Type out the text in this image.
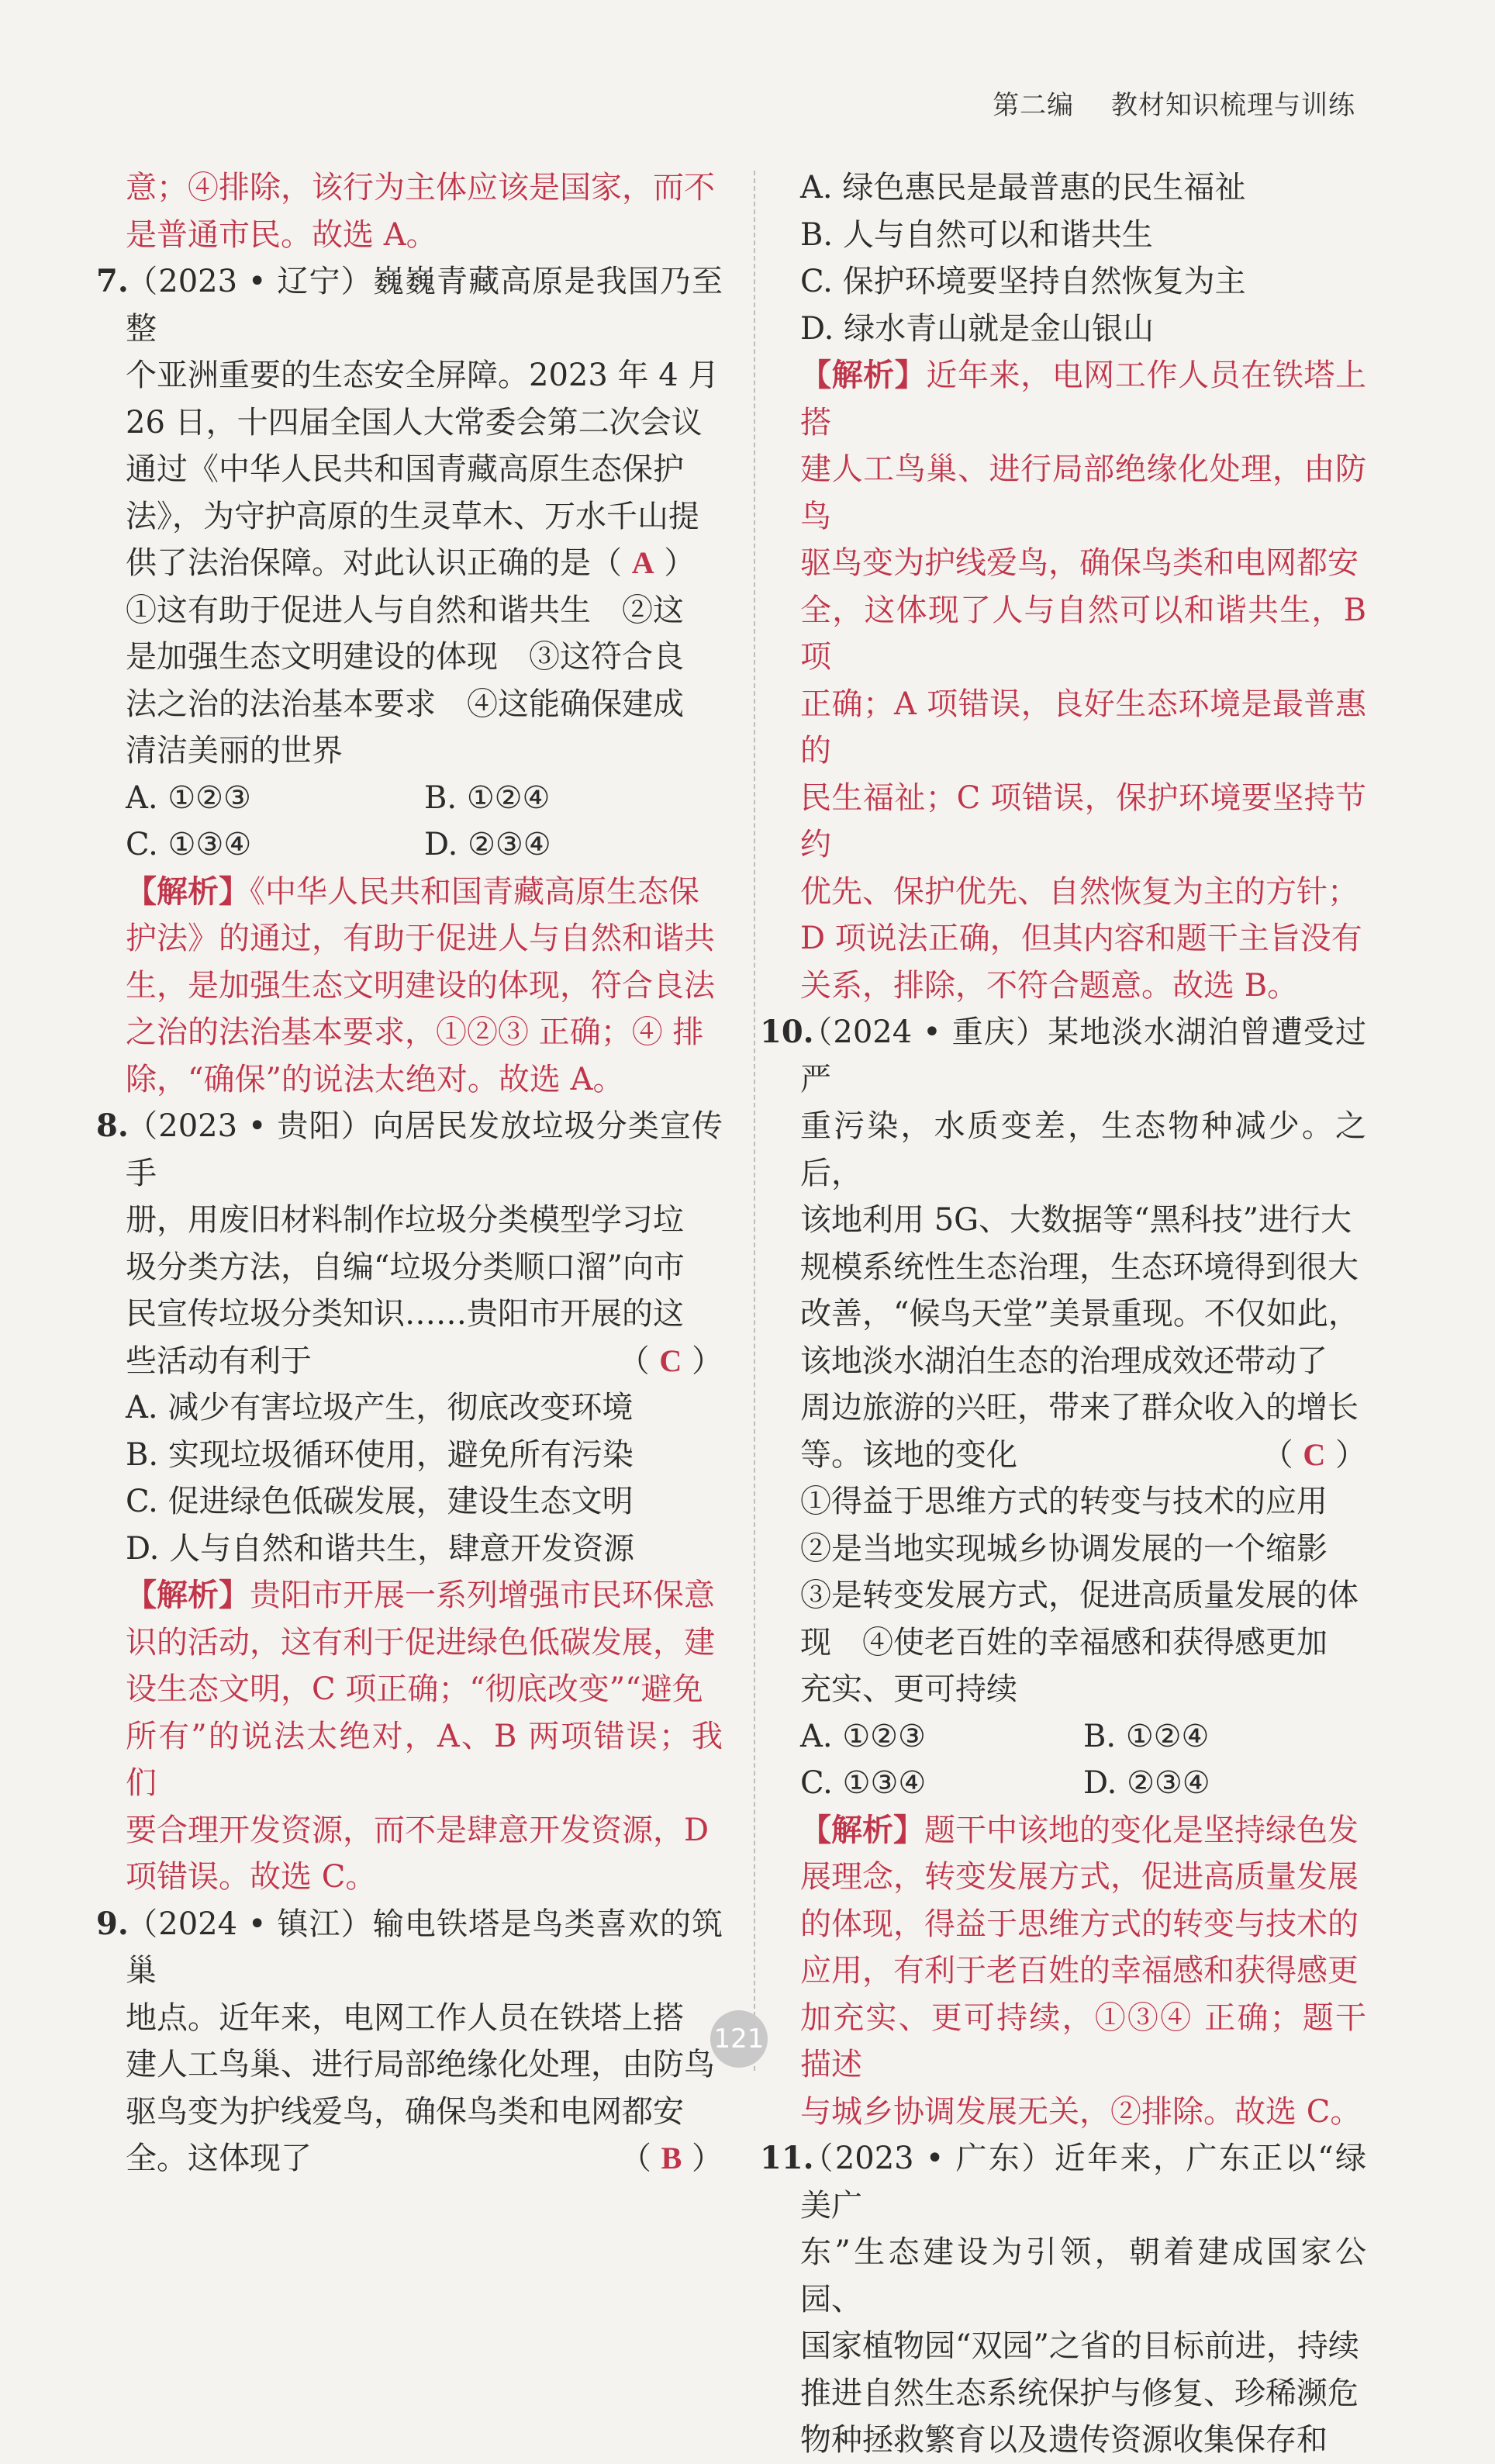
第二编 教材知识梳理与训练

意；④排除，该行为主体应该是国家，而不

是普通市民。故选 A。

7.（2023 • 辽宁）巍巍青藏高原是我国乃至整

个亚洲重要的生态安全屏障。2023 年 4 月

26 日，十四届全国人大常委会第二次会议

通过《中华人民共和国青藏高原生态保护

法》，为守护高原的生灵草木、万水千山提

供了法治保障。对此认识正确的是（ A ）

①这有助于促进人与自然和谐共生　②这

是加强生态文明建设的体现　③这符合良

法之治的法治基本要求　④这能确保建成

清洁美丽的世界

A. ①②③	B. ①②④
C. ①③④	D. ②③④

【解析】《中华人民共和国青藏高原生态保

护法》的通过，有助于促进人与自然和谐共

生，是加强生态文明建设的体现，符合良法

之治的法治基本要求，①②③ 正确；④ 排

除，“确保”的说法太绝对。故选 A。

8.（2023 • 贵阳）向居民发放垃圾分类宣传手

册，用废旧材料制作垃圾分类模型学习垃

圾分类方法，自编“垃圾分类顺口溜”向市

民宣传垃圾分类知识……贵阳市开展的这

些活动有利于	（ C ）

A. 减少有害垃圾产生，彻底改变环境

B. 实现垃圾循环使用，避免所有污染

C. 促进绿色低碳发展，建设生态文明

D. 人与自然和谐共生，肆意开发资源

【解析】贵阳市开展一系列增强市民环保意

识的活动，这有利于促进绿色低碳发展，建

设生态文明，C 项正确；“彻底改变”“避免

所有”的说法太绝对，A、B 两项错误；我们

要合理开发资源，而不是肆意开发资源，D

项错误。故选 C。

9.（2024 • 镇江）输电铁塔是鸟类喜欢的筑巢

地点。近年来，电网工作人员在铁塔上搭

建人工鸟巢、进行局部绝缘化处理，由防鸟

驱鸟变为护线爱鸟，确保鸟类和电网都安

全。这体现了	（ B ）

A. 绿色惠民是最普惠的民生福祉

B. 人与自然可以和谐共生

C. 保护环境要坚持自然恢复为主

D. 绿水青山就是金山银山

【解析】近年来，电网工作人员在铁塔上搭

建人工鸟巢、进行局部绝缘化处理，由防鸟

驱鸟变为护线爱鸟，确保鸟类和电网都安

全，这体现了人与自然可以和谐共生，B 项

正确；A 项错误，良好生态环境是最普惠的

民生福祉；C 项错误，保护环境要坚持节约

优先、保护优先、自然恢复为主的方针；

D 项说法正确，但其内容和题干主旨没有

关系，排除，不符合题意。故选 B。

10.（2024 • 重庆）某地淡水湖泊曾遭受过严

重污染，水质变差，生态物种减少。之后，

该地利用 5G、大数据等“黑科技”进行大

规模系统性生态治理，生态环境得到很大

改善，“候鸟天堂”美景重现。不仅如此，

该地淡水湖泊生态的治理成效还带动了

周边旅游的兴旺，带来了群众收入的增长

等。该地的变化	（ C ）

①得益于思维方式的转变与技术的应用

②是当地实现城乡协调发展的一个缩影

③是转变发展方式，促进高质量发展的体

现　④使老百姓的幸福感和获得感更加

充实、更可持续

A. ①②③	B. ①②④
C. ①③④	D. ②③④

【解析】题干中该地的变化是坚持绿色发

展理念，转变发展方式，促进高质量发展

的体现，得益于思维方式的转变与技术的

应用，有利于老百姓的幸福感和获得感更

加充实、更可持续，①③④ 正确；题干描述

与城乡协调发展无关，②排除。故选 C。

11.（2023 • 广东）近年来，广东正以“绿美广

东”生态建设为引领，朝着建成国家公园、

国家植物园“双园”之省的目标前进，持续

推进自然生态系统保护与修复、珍稀濒危

物种拯救繁育以及遗传资源收集保存和

121
